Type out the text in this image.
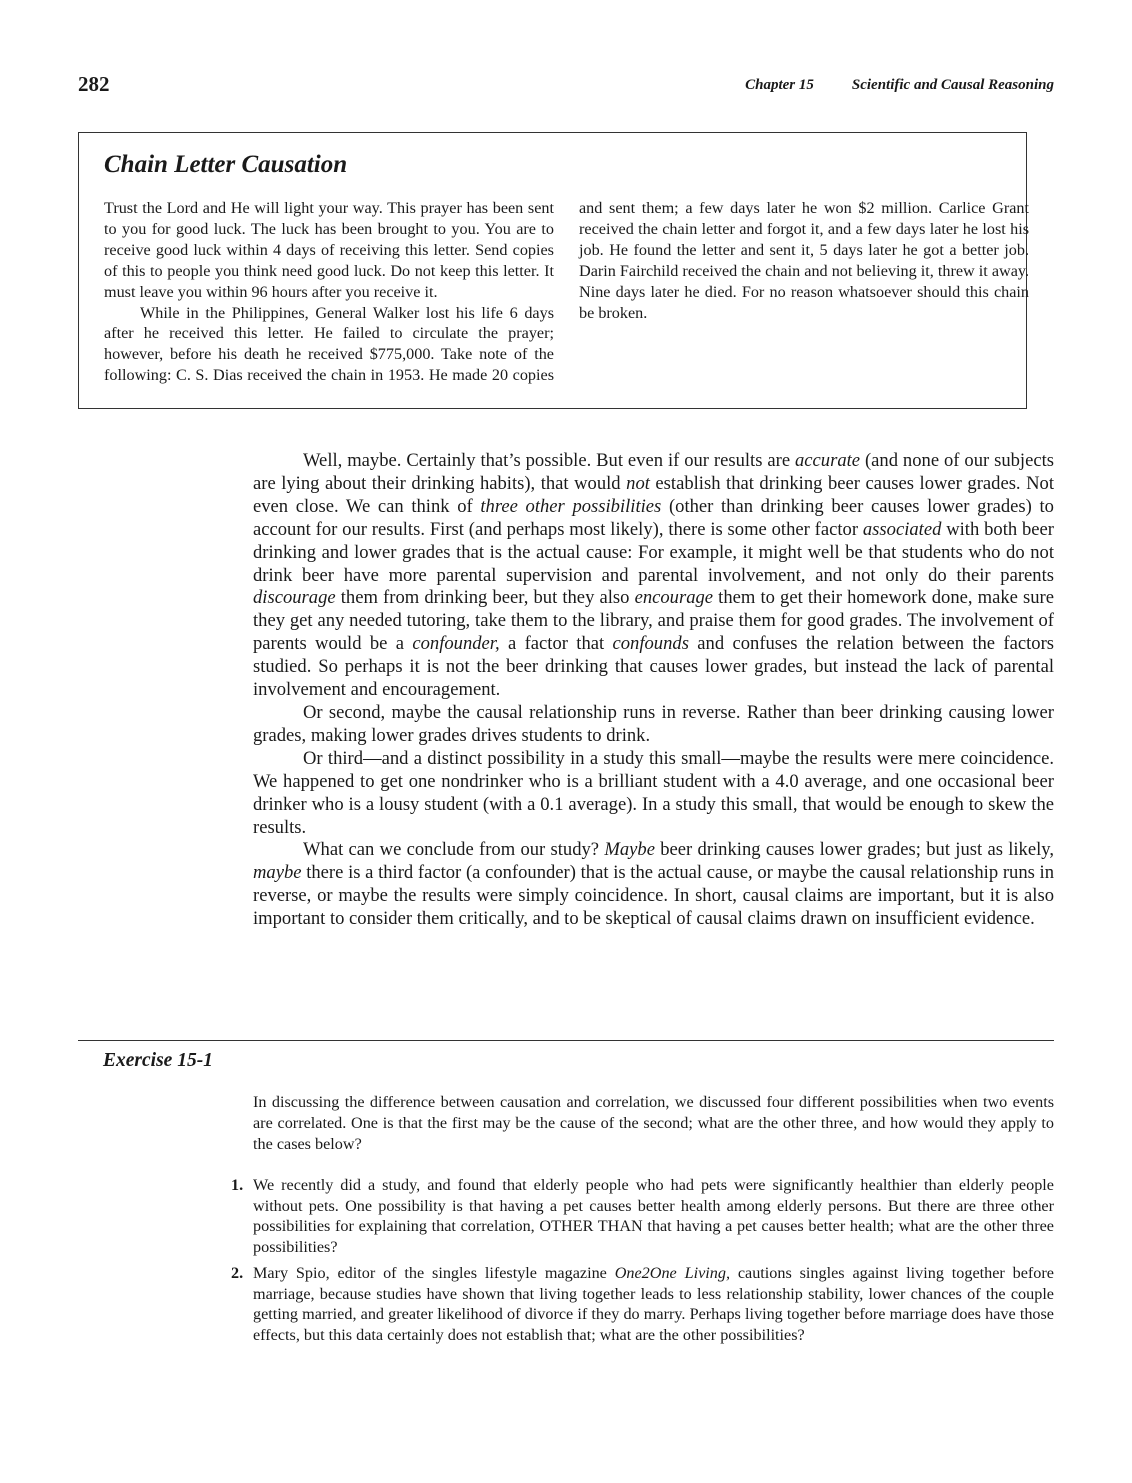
282	Chapter 15	Scientific and Causal Reasoning
Chain Letter Causation

Trust the Lord and He will light your way. This prayer has been sent to you for good luck. The luck has been brought to you. You are to receive good luck within 4 days of receiving this letter. Send copies of this to people you think need good luck. Do not keep this letter. It must leave you within 96 hours after you receive it.

While in the Philippines, General Walker lost his life 6 days after he received this letter. He failed to circulate the prayer; however, before his death he received $775,000. Take note of the following: C. S. Dias received the chain in 1953. He made 20 copies and sent them; a few days later he won $2 million. Carlice Grant received the chain letter and forgot it, and a few days later he lost his job. He found the letter and sent it, 5 days later he got a better job. Darin Fairchild received the chain and not believing it, threw it away. Nine days later he died. For no reason whatsoever should this chain be broken.

Well, maybe. Certainly that’s possible. But even if our results are accurate (and none of our subjects are lying about their drinking habits), that would not establish that drinking beer causes lower grades. Not even close. We can think of three other possibilities (other than drinking beer causes lower grades) to account for our results. First (and perhaps most likely), there is some other factor associated with both beer drinking and lower grades that is the actual cause: For example, it might well be that students who do not drink beer have more parental supervision and parental involvement, and not only do their parents discourage them from drinking beer, but they also encourage them to get their homework done, make sure they get any needed tutoring, take them to the library, and praise them for good grades. The involvement of parents would be a confounder, a factor that confounds and confuses the relation between the factors studied. So perhaps it is not the beer drinking that causes lower grades, but instead the lack of parental involvement and encouragement.

Or second, maybe the causal relationship runs in reverse. Rather than beer drinking causing lower grades, making lower grades drives students to drink.

Or third—and a distinct possibility in a study this small—maybe the results were mere coincidence. We happened to get one nondrinker who is a brilliant student with a 4.0 average, and one occasional beer drinker who is a lousy student (with a 0.1 average). In a study this small, that would be enough to skew the results.

What can we conclude from our study? Maybe beer drinking causes lower grades; but just as likely, maybe there is a third factor (a confounder) that is the actual cause, or maybe the causal relationship runs in reverse, or maybe the results were simply coincidence. In short, causal claims are important, but it is also important to consider them critically, and to be skeptical of causal claims drawn on insufficient evidence.

Exercise 15-1

In discussing the difference between causation and correlation, we discussed four different possibilities when two events are correlated. One is that the first may be the cause of the second; what are the other three, and how would they apply to the cases below?

1. We recently did a study, and found that elderly people who had pets were significantly healthier than elderly people without pets. One possibility is that having a pet causes better health among elderly persons. But there are three other possibilities for explaining that correlation, OTHER THAN that having a pet causes better health; what are the other three possibilities?
2. Mary Spio, editor of the singles lifestyle magazine One2One Living, cautions singles against living together before marriage, because studies have shown that living together leads to less relationship stability, lower chances of the couple getting married, and greater likelihood of divorce if they do marry. Perhaps living together before marriage does have those effects, but this data certainly does not establish that; what are the other possibilities?
